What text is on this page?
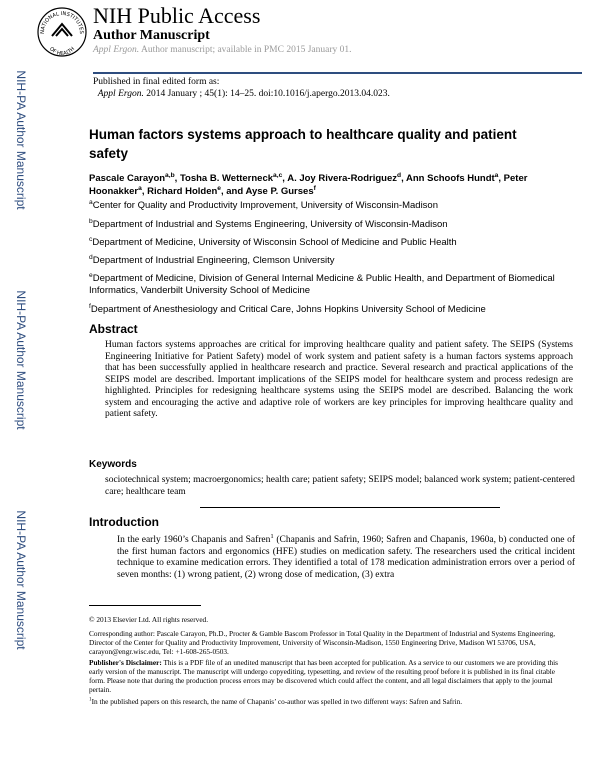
NATIONAL INSTITUTES
OF HEALTH
NIH Public Access
Author Manuscript
Appl Ergon. Author manuscript; available in PMC 2015 January 01.
NIH-PA Author Manuscript
NIH-PA Author Manuscript
NIH-PA Author Manuscript
Published in final edited form as:
Appl Ergon. 2014 January ; 45(1): 14–25. doi:10.1016/j.apergo.2013.04.023.
Human factors systems approach to healthcare quality and patient safety
Pascale Carayon$^{a,b}$, Tosha B. Wetterneck$^{a,c}$, A. Joy Rivera-Rodriguez$^d$, Ann Schoofs Hundt$^a$, Peter Hoonakker$^a$, Richard Holden$^e$, and Ayse P. Gurses$^f$
$^a$Center for Quality and Productivity Improvement, University of Wisconsin-Madison
$^b$Department of Industrial and Systems Engineering, University of Wisconsin-Madison
$^c$Department of Medicine, University of Wisconsin School of Medicine and Public Health
$^d$Department of Industrial Engineering, Clemson University
$^e$Department of Medicine, Division of General Internal Medicine & Public Health, and Department of Biomedical Informatics, Vanderbilt University School of Medicine
$^f$Department of Anesthesiology and Critical Care, Johns Hopkins University School of Medicine
Abstract
Human factors systems approaches are critical for improving healthcare quality and patient safety. The SEIPS (Systems Engineering Initiative for Patient Safety) model of work system and patient safety is a human factors systems approach that has been successfully applied in healthcare research and practice. Several research and practical applications of the SEIPS model are described. Important implications of the SEIPS model for healthcare system and process redesign are highlighted. Principles for redesigning healthcare systems using the SEIPS model are described. Balancing the work system and encouraging the active and adaptive role of workers are key principles for improving healthcare quality and patient safety.
Keywords
sociotechnical system; macroergonomics; health care; patient safety; SEIPS model; balanced work system; patient-centered care; healthcare team
Introduction
In the early 1960’s Chapanis and Safren$^1$ (Chapanis and Safrin, 1960; Safren and Chapanis, 1960a, b) conducted one of the first human factors and ergonomics (HFE) studies on medication safety. The researchers used the critical incident technique to examine medication errors. They identified a total of 178 medication administration errors over a period of seven months: (1) wrong patient, (2) wrong dose of medication, (3) extra
© 2013 Elsevier Ltd. All rights reserved.
Corresponding author: Pascale Carayon, Ph.D., Procter & Gamble Bascom Professor in Total Quality in the Department of Industrial and Systems Engineering, Director of the Center for Quality and Productivity Improvement, University of Wisconsin-Madison, 1550 Engineering Drive, Madison WI 53706, USA, carayon@engr.wisc.edu, Tel: +1-608-265-0503.
Publisher's Disclaimer: This is a PDF file of an unedited manuscript that has been accepted for publication. As a service to our customers we are providing this early version of the manuscript. The manuscript will undergo copyediting, typesetting, and review of the resulting proof before it is published in its final citable form. Please note that during the production process errors may be discovered which could affect the content, and all legal disclaimers that apply to the journal pertain.
$^1$In the published papers on this research, the name of Chapanis’ co-author was spelled in two different ways: Safren and Safrin.
